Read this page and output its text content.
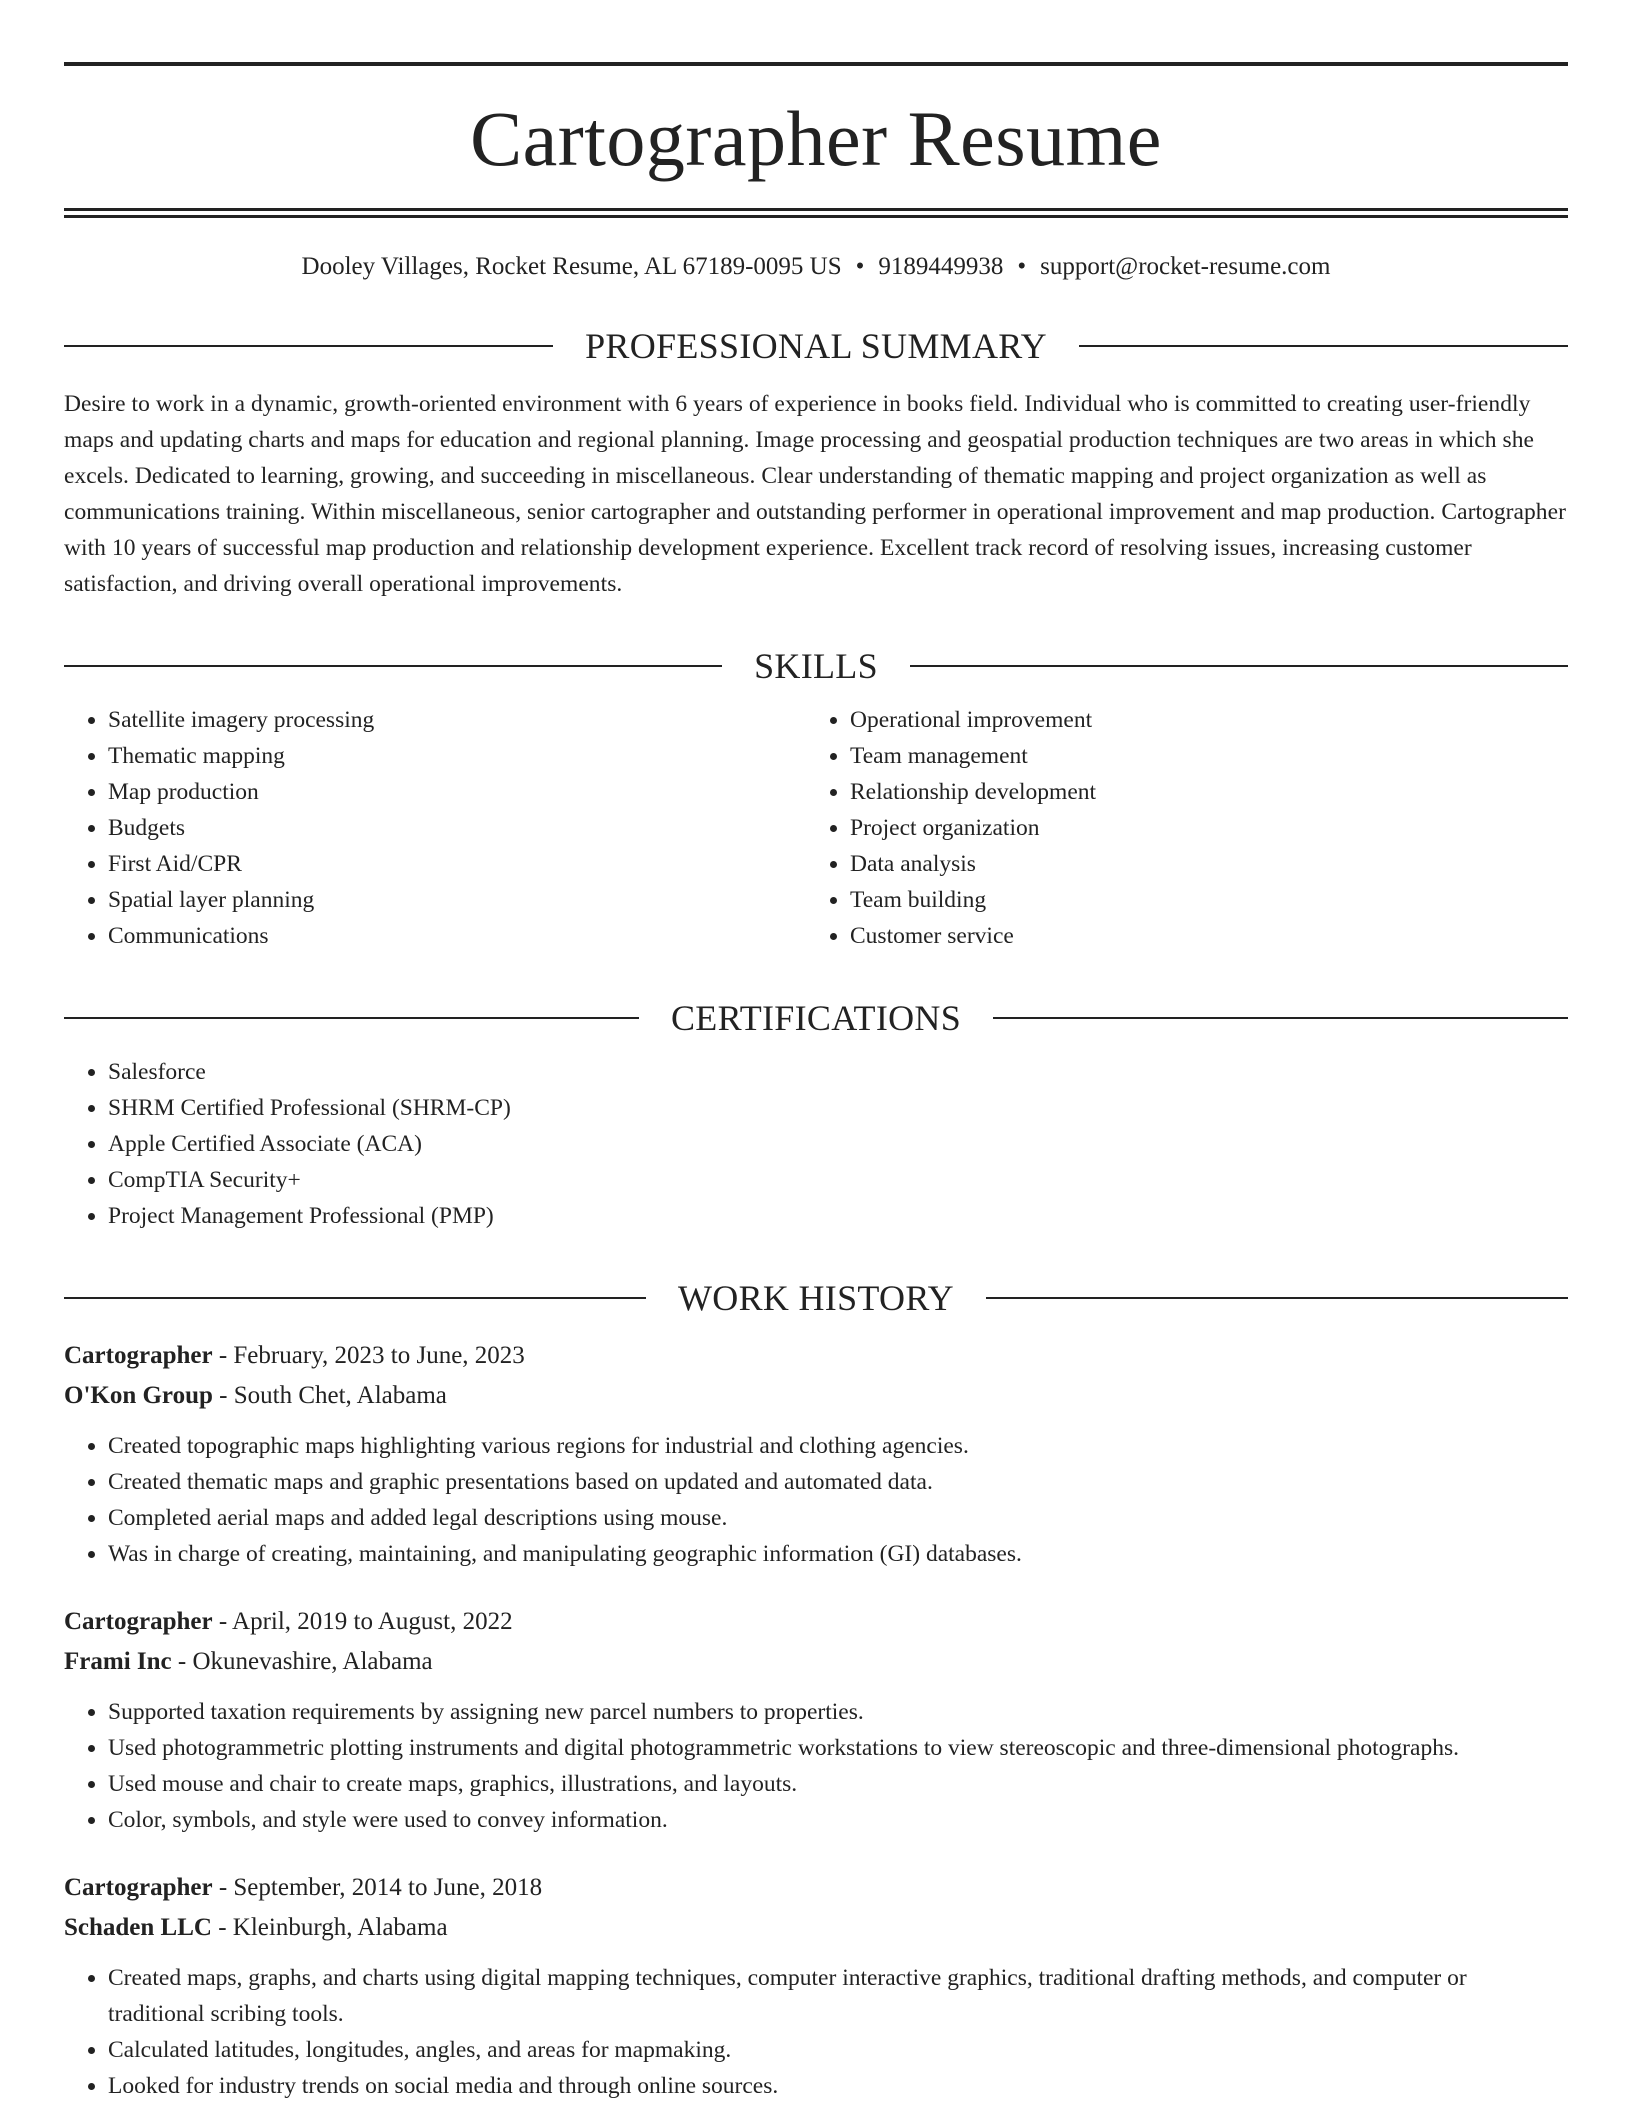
Cartographer Resume
Dooley Villages, Rocket Resume, AL 67189-0095 US • 9189449938 • support@rocket-resume.com
PROFESSIONAL SUMMARY
Desire to work in a dynamic, growth-oriented environment with 6 years of experience in books field. Individual who is committed to creating user-friendly maps and updating charts and maps for education and regional planning. Image processing and geospatial production techniques are two areas in which she excels. Dedicated to learning, growing, and succeeding in miscellaneous. Clear understanding of thematic mapping and project organization as well as communications training. Within miscellaneous, senior cartographer and outstanding performer in operational improvement and map production. Cartographer with 10 years of successful map production and relationship development experience. Excellent track record of resolving issues, increasing customer satisfaction, and driving overall operational improvements.
SKILLS
• Satellite imagery processing
• Thematic mapping
• Map production
• Budgets
• First Aid/CPR
• Spatial layer planning
• Communications
• Operational improvement
• Team management
• Relationship development
• Project organization
• Data analysis
• Team building
• Customer service
CERTIFICATIONS
• Salesforce
• SHRM Certified Professional (SHRM-CP)
• Apple Certified Associate (ACA)
• CompTIA Security+
• Project Management Professional (PMP)
WORK HISTORY
Cartographer - February, 2023 to June, 2023
O'Kon Group - South Chet, Alabama
• Created topographic maps highlighting various regions for industrial and clothing agencies.
• Created thematic maps and graphic presentations based on updated and automated data.
• Completed aerial maps and added legal descriptions using mouse.
• Was in charge of creating, maintaining, and manipulating geographic information (GI) databases.
Cartographer - April, 2019 to August, 2022
Frami Inc - Okunevashire, Alabama
• Supported taxation requirements by assigning new parcel numbers to properties.
• Used photogrammetric plotting instruments and digital photogrammetric workstations to view stereoscopic and three-dimensional photographs.
• Used mouse and chair to create maps, graphics, illustrations, and layouts.
• Color, symbols, and style were used to convey information.
Cartographer - September, 2014 to June, 2018
Schaden LLC - Kleinburgh, Alabama
• Created maps, graphs, and charts using digital mapping techniques, computer interactive graphics, traditional drafting methods, and computer or traditional scribing tools.
• Calculated latitudes, longitudes, angles, and areas for mapmaking.
• Looked for industry trends on social media and through online sources.
